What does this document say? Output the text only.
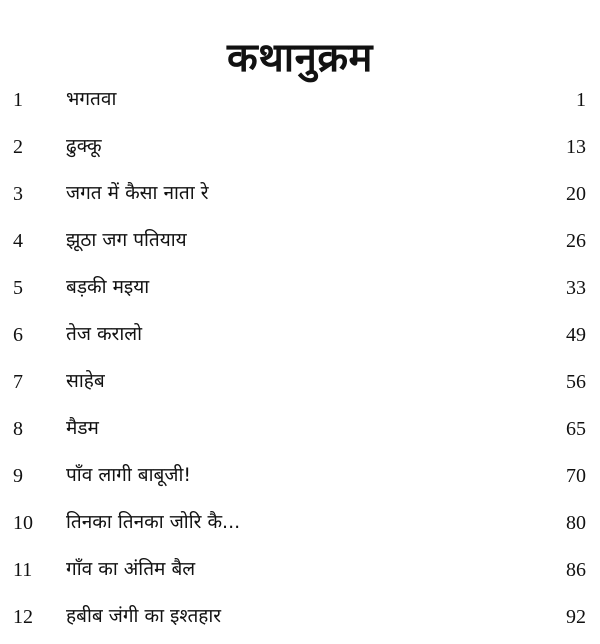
कथानुक्रम
1 भगतवा	1
2 ढुक्कू	13
3 जगत में कैसा नाता रे	20
4 झूठा जग पतियाय	26
5 बड़की मइया	33
6 तेज करालो	49
7 साहेब	56
8 मैडम	65
9 पाँव लागी बाबूजी!	70
10 तिनका तिनका जोरि कै...	80
11 गाँव का अंतिम बैल	86
12 हबीब जंगी का इश्तहार	92
